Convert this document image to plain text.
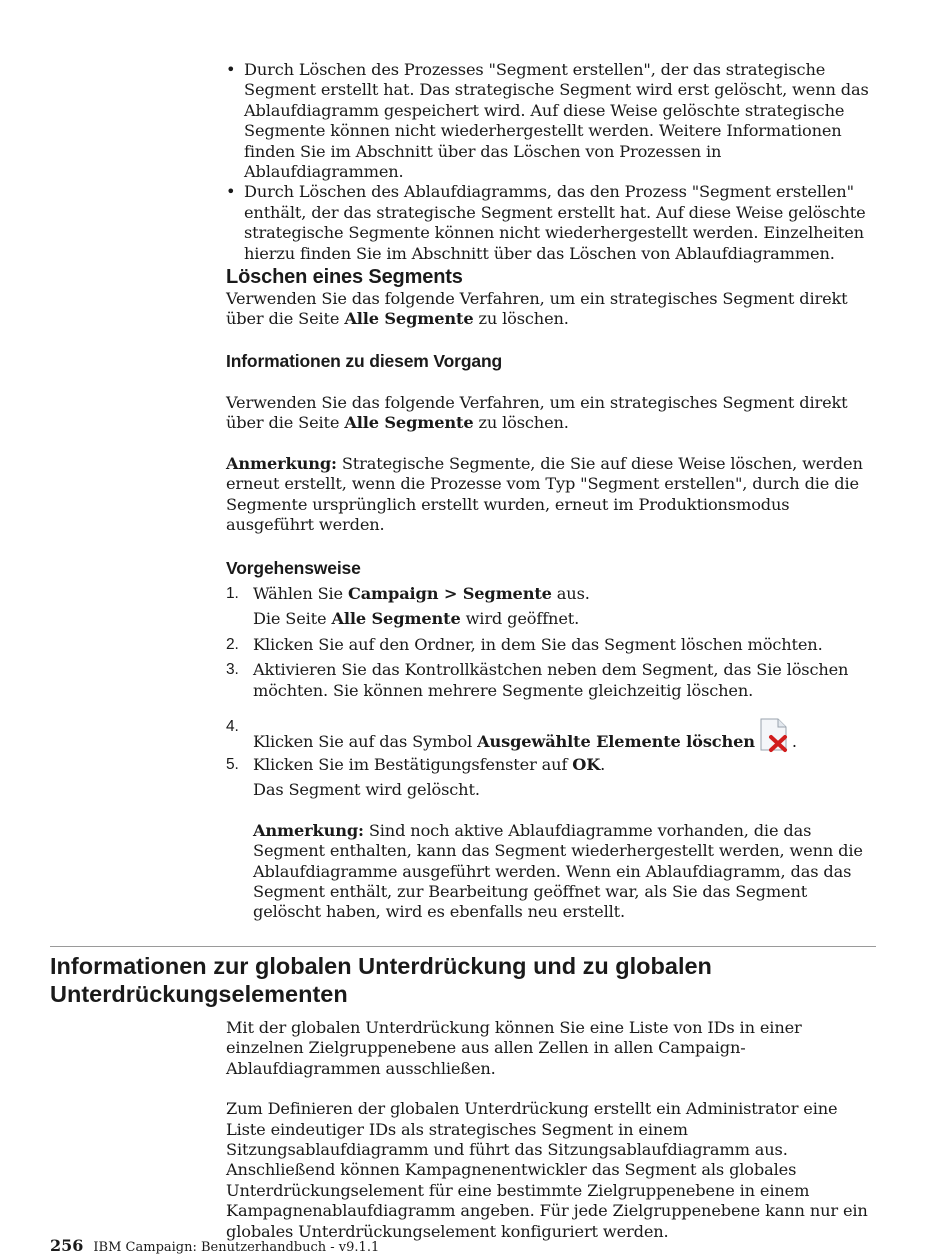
• Durch Löschen des Prozesses "Segment erstellen", der das strategische Segment erstellt hat. Das strategische Segment wird erst gelöscht, wenn das Ablaufdiagramm gespeichert wird. Auf diese Weise gelöschte strategische Segmente können nicht wiederhergestellt werden. Weitere Informationen finden Sie im Abschnitt über das Löschen von Prozessen in Ablaufdiagrammen.

• Durch Löschen des Ablaufdiagramms, das den Prozess "Segment erstellen" enthält, der das strategische Segment erstellt hat. Auf diese Weise gelöschte strategische Segmente können nicht wiederhergestellt werden. Einzelheiten hierzu finden Sie im Abschnitt über das Löschen von Ablaufdiagrammen.

Löschen eines Segments

Verwenden Sie das folgende Verfahren, um ein strategisches Segment direkt über die Seite Alle Segmente zu löschen.

Informationen zu diesem Vorgang

Verwenden Sie das folgende Verfahren, um ein strategisches Segment direkt über die Seite Alle Segmente zu löschen.

Anmerkung: Strategische Segmente, die Sie auf diese Weise löschen, werden erneut erstellt, wenn die Prozesse vom Typ "Segment erstellen", durch die die Segmente ursprünglich erstellt wurden, erneut im Produktionsmodus ausgeführt werden.

Vorgehensweise
1. Wählen Sie Campaign > Segmente aus.

Die Seite Alle Segmente wird geöffnet.

2. Klicken Sie auf den Ordner, in dem Sie das Segment löschen möchten.

3. Aktivieren Sie das Kontrollkästchen neben dem Segment, das Sie löschen möchten. Sie können mehrere Segmente gleichzeitig löschen.

4.

Klicken Sie auf das Symbol Ausgewählte Elemente löschen .

5. Klicken Sie im Bestätigungsfenster auf OK.

Das Segment wird gelöscht.

Anmerkung: Sind noch aktive Ablaufdiagramme vorhanden, die das Segment enthalten, kann das Segment wiederhergestellt werden, wenn die Ablaufdiagramme ausgeführt werden. Wenn ein Ablaufdiagramm, das das Segment enthält, zur Bearbeitung geöffnet war, als Sie das Segment gelöscht haben, wird es ebenfalls neu erstellt.

Informationen zur globalen Unterdrückung und zu globalen Unterdrückungselementen

Mit der globalen Unterdrückung können Sie eine Liste von IDs in einer einzelnen Zielgruppenebene aus allen Zellen in allen Campaign-Ablaufdiagrammen ausschließen.

Zum Definieren der globalen Unterdrückung erstellt ein Administrator eine Liste eindeutiger IDs als strategisches Segment in einem Sitzungsablaufdiagramm und führt das Sitzungsablaufdiagramm aus. Anschließend können Kampagnenentwickler das Segment als globales Unterdrückungselement für eine bestimmte Zielgruppenebene in einem Kampagnenablaufdiagramm angeben. Für jede Zielgruppenebene kann nur ein globales Unterdrückungselement konfiguriert werden.

256 IBM Campaign: Benutzerhandbuch - v9.1.1
